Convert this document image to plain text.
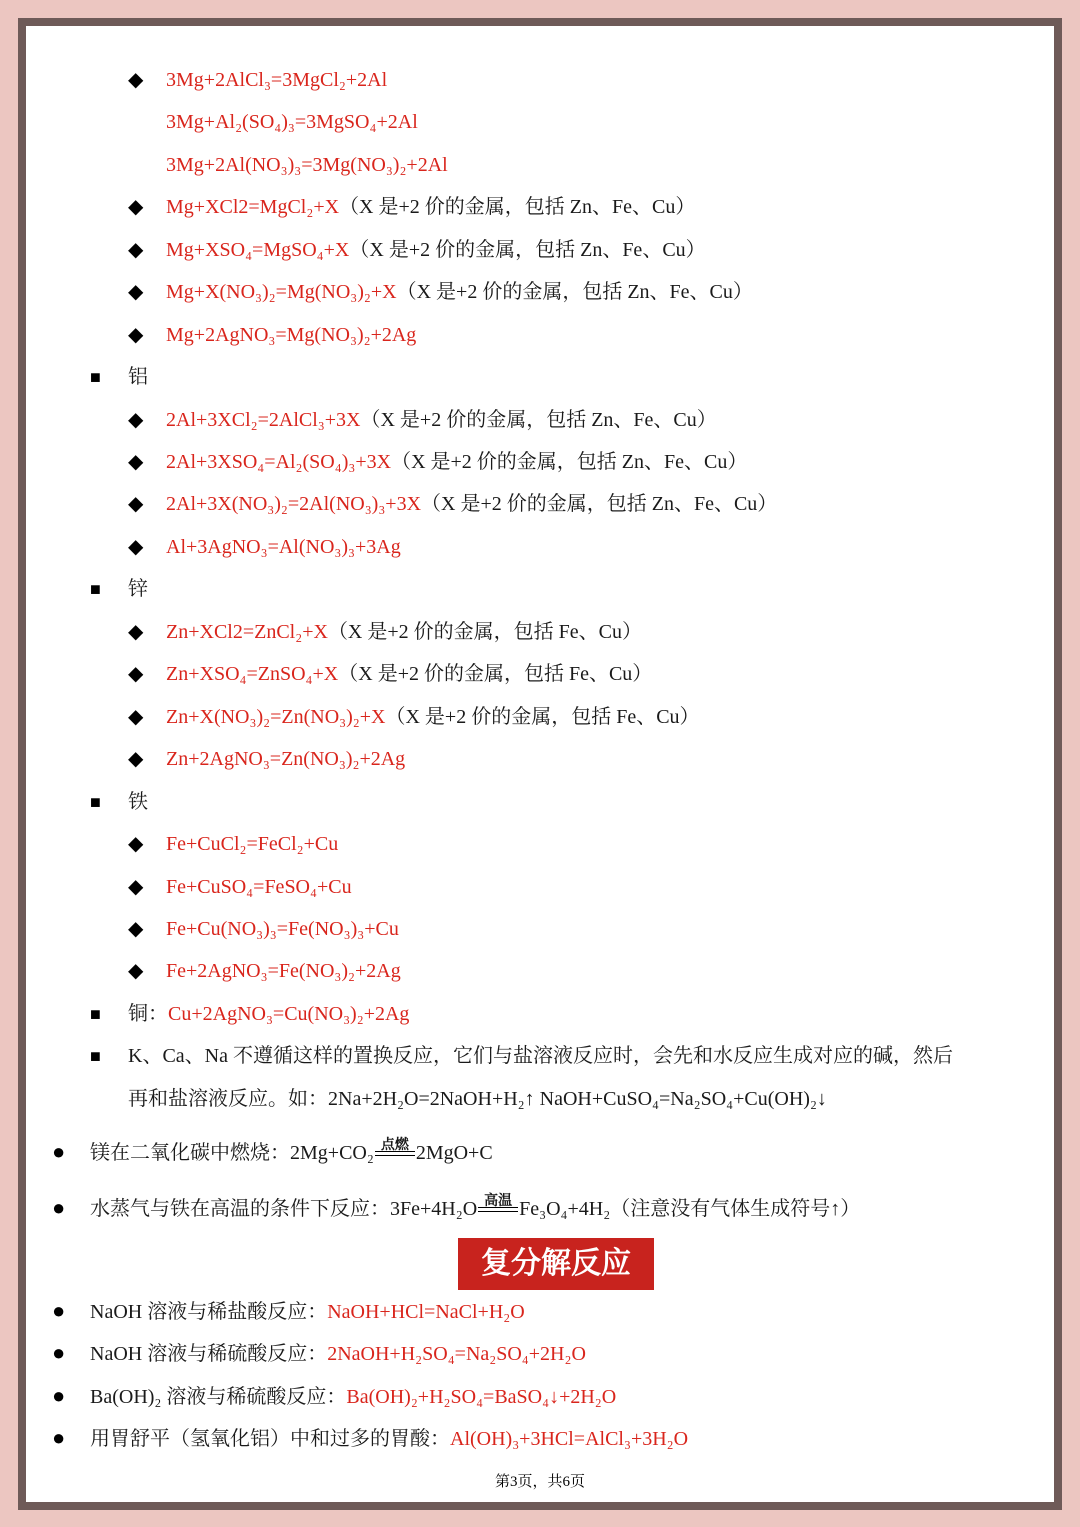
◆ 3Mg+2AlCl₃=3MgCl₂+2Al
3Mg+Al₂(SO₄)₃=3MgSO₄+2Al
3Mg+2Al(NO₃)₃=3Mg(NO₃)₂+2Al
◆ Mg+XCl2=MgCl₂+X（X 是+2 价的金属，包括 Zn、Fe、Cu）
◆ Mg+XSO₄=MgSO₄+X（X 是+2 价的金属，包括 Zn、Fe、Cu）
◆ Mg+X(NO₃)₂=Mg(NO₃)₂+X（X 是+2 价的金属，包括 Zn、Fe、Cu）
◆ Mg+2AgNO₃=Mg(NO₃)₂+2Ag
■ 铝
◆ 2Al+3XCl₂=2AlCl₃+3X（X 是+2 价的金属，包括 Zn、Fe、Cu）
◆ 2Al+3XSO₄=Al₂(SO₄)₃+3X（X 是+2 价的金属，包括 Zn、Fe、Cu）
◆ 2Al+3X(NO₃)₂=2Al(NO₃)₃+3X（X 是+2 价的金属，包括 Zn、Fe、Cu）
◆ Al+3AgNO₃=Al(NO₃)₃+3Ag
■ 锌
◆ Zn+XCl2=ZnCl₂+X（X 是+2 价的金属，包括 Fe、Cu）
◆ Zn+XSO₄=ZnSO₄+X（X 是+2 价的金属，包括 Fe、Cu）
◆ Zn+X(NO₃)₂=Zn(NO₃)₂+X（X 是+2 价的金属，包括 Fe、Cu）
◆ Zn+2AgNO₃=Zn(NO₃)₂+2Ag
■ 铁
◆ Fe+CuCl₂=FeCl₂+Cu
◆ Fe+CuSO₄=FeSO₄+Cu
◆ Fe+Cu(NO₃)₃=Fe(NO₃)₃+Cu
◆ Fe+2AgNO₃=Fe(NO₃)₂+2Ag
■ 铜：Cu+2AgNO₃=Cu(NO₃)₂+2Ag
■ K、Ca、Na 不遵循这样的置换反应，它们与盐溶液反应时，会先和水反应生成对应的碱，然后
再和盐溶液反应。如：2Na+2H₂O=2NaOH+H₂↑ NaOH+CuSO₄=Na₂SO₄+Cu(OH)₂↓
● 镁在二氧化碳中燃烧：2Mg+CO₂ 点燃 2MgO+C
● 水蒸气与铁在高温的条件下反应：3Fe+4H₂O 高温 Fe₃O₄+4H₂（注意没有气体生成符号↑）
复分解反应
● NaOH 溶液与稀盐酸反应：NaOH+HCl=NaCl+H₂O
● NaOH 溶液与稀硫酸反应：2NaOH+H₂SO₄=Na₂SO₄+2H₂O
● Ba(OH)₂ 溶液与稀硫酸反应：Ba(OH)₂+H₂SO₄=BaSO₄↓+2H₂O
● 用胃舒平（氢氧化铝）中和过多的胃酸：Al(OH)₃+3HCl=AlCl₃+3H₂O
第3页，共6页
